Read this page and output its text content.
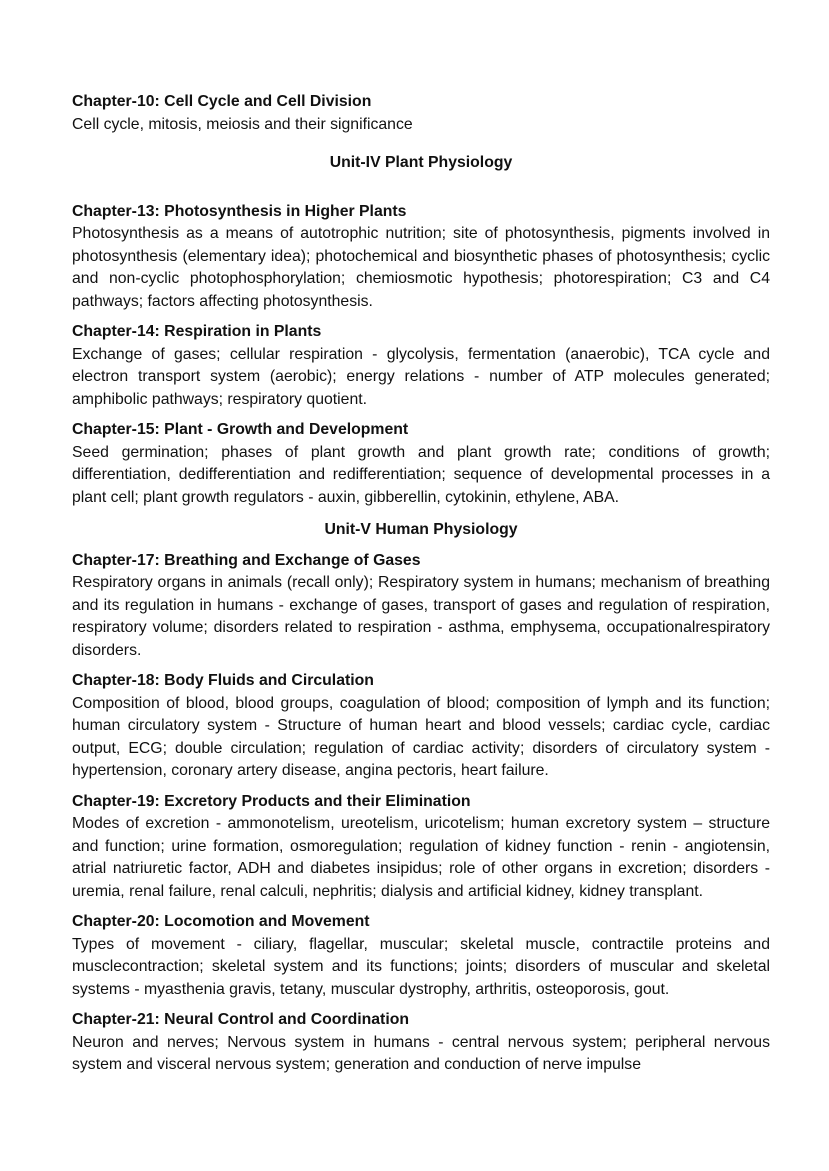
Chapter-10: Cell Cycle and Cell Division
Cell cycle, mitosis, meiosis and their significance
Unit-IV Plant Physiology
Chapter-13: Photosynthesis in Higher Plants
Photosynthesis as a means of autotrophic nutrition; site of photosynthesis, pigments involved in photosynthesis (elementary idea); photochemical and biosynthetic phases of photosynthesis; cyclic and non-cyclic photophosphorylation; chemiosmotic hypothesis; photorespiration; C3 and C4 pathways; factors affecting photosynthesis.
Chapter-14: Respiration in Plants
Exchange of gases; cellular respiration - glycolysis, fermentation (anaerobic), TCA cycle and electron transport system (aerobic); energy relations - number of ATP molecules generated; amphibolic pathways; respiratory quotient.
Chapter-15: Plant - Growth and Development
Seed germination; phases of plant growth and plant growth rate; conditions of growth; differentiation, dedifferentiation and redifferentiation; sequence of developmental processes in a plant cell; plant growth regulators - auxin, gibberellin, cytokinin, ethylene, ABA.
Unit-V Human Physiology
Chapter-17: Breathing and Exchange of Gases
Respiratory organs in animals (recall only); Respiratory system in humans; mechanism of breathing and its regulation in humans - exchange of gases, transport of gases and regulation of respiration, respiratory volume; disorders related to respiration - asthma, emphysema, occupationalrespiratory disorders.
Chapter-18: Body Fluids and Circulation
Composition of blood, blood groups, coagulation of blood; composition of lymph and its function; human circulatory system - Structure of human heart and blood vessels; cardiac cycle, cardiac output, ECG; double circulation; regulation of cardiac activity; disorders of circulatory system - hypertension, coronary artery disease, angina pectoris, heart failure.
Chapter-19: Excretory Products and their Elimination
Modes of excretion - ammonotelism, ureotelism, uricotelism; human excretory system – structure and function; urine formation, osmoregulation; regulation of kidney function - renin - angiotensin, atrial natriuretic factor, ADH and diabetes insipidus; role of other organs in excretion; disorders - uremia, renal failure, renal calculi, nephritis; dialysis and artificial kidney, kidney transplant.
Chapter-20: Locomotion and Movement
Types of movement - ciliary, flagellar, muscular; skeletal muscle, contractile proteins and musclecontraction; skeletal system and its functions; joints; disorders of muscular and skeletal systems - myasthenia gravis, tetany, muscular dystrophy, arthritis, osteoporosis, gout.
Chapter-21: Neural Control and Coordination
Neuron and nerves; Nervous system in humans - central nervous system; peripheral nervous system and visceral nervous system; generation and conduction of nerve impulse
